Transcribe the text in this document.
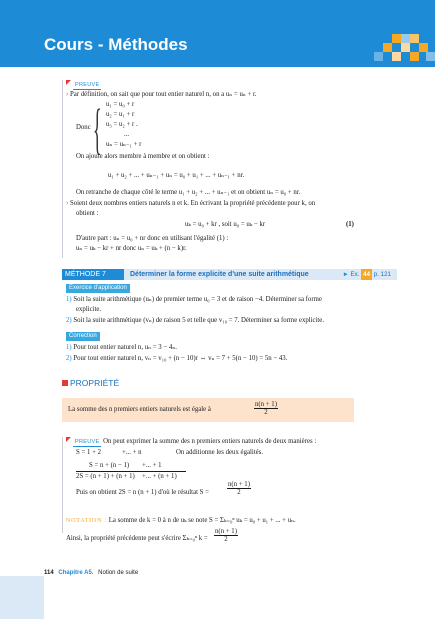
Cours - Méthodes
PREUVE
› Par définition, on sait que pour tout entier naturel n, on a uₙ = uₙ + r.
Donc { u₁ = u₀ + r
u₂ = u₁ + r
u₃ = u₂ + r .
...
uₙ = uₙ₋₁ + r
On ajoute alors membre à membre et on obtient :
u₁ + u₂ + ... + uₙ₋₁ + uₙ = u₀ + u₁ + ... + uₙ₋₁ + nr.
On retranche de chaque côté le terme u₁ + u₂ + ... + uₙ₋₁ et on obtient uₙ = u₀ + nr.
› Soient deux nombres entiers naturels n et k. En écrivant la propriété précédente pour k, on
obtient :
uₖ = u₀ + kr , soit u₀ = uₖ − kr	(1)
D'autre part : uₙ = u₀ + nr donc en utilisant l'égalité (1) :
uₙ = uₖ − kr + nr donc uₙ = uₖ + (n − k)r.
MÉTHODE 7	Déterminer la forme explicite d'une suite arithmétique	► Ex. 44 p. 121
Exercice d'application
1) Soit la suite arithmétique (uₙ) de premier terme u₀ = 3 et de raison −4. Déterminer sa forme
explicite.
2) Soit la suite arithmétique (vₙ) de raison 5 et telle que v₁₀ = 7. Déterminer sa forme explicite.
Correction
1) Pour tout entier naturel n, uₙ = 3 − 4ₙ.
2) Pour tout entier naturel n, vₙ = v₁₀ + (n − 10)r ⇔ vₙ = 7 + 5(n − 10) = 5n − 43.
PROPRIÉTÉ
La somme des n premiers entiers naturels est égale à	$\frac{n(n + 1)}{2}$
PREUVE On peut exprimer la somme des n premiers entiers naturels de deux manières :
S = 1 + 2	+... + n	On additionne les deux égalités.
S = n + (n − 1) +... + 1
2S = (n + 1) + (n + 1) +... + (n + 1)
Puis on obtient 2S = n (n + 1) d'où le résultat S =	$\frac{n(n + 1)}{2}$
NOTATION : La somme de k = 0 à n de uₖ se note S = Σₖ₌₀ⁿ uₖ = u₀ + u₁ + ... + uₙ.
Ainsi, la propriété précédente peut s'écrire Σₖ₌₀ⁿ $k = \frac{n(n + 1)}{2}$
114 Chapitre A5. Notion de suite
